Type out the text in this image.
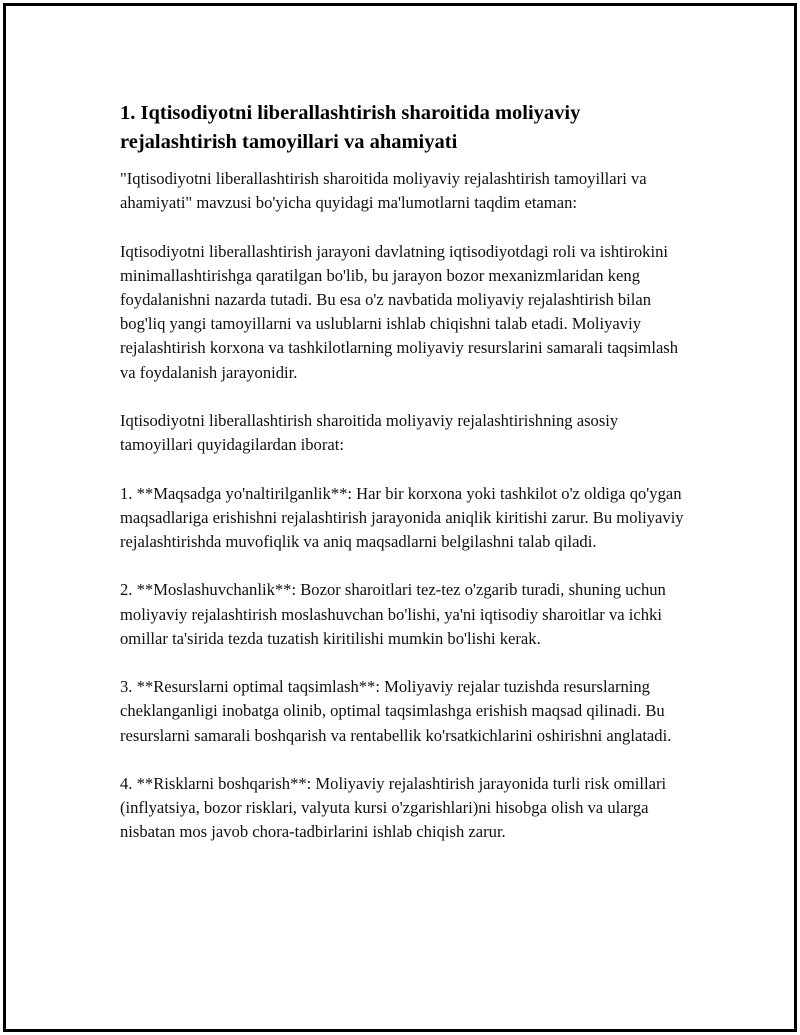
1. Iqtisodiyotni liberallashtirish sharoitida moliyaviy rejalashtirish tamoyillari va ahamiyati

"Iqtisodiyotni liberallashtirish sharoitida moliyaviy rejalashtirish tamoyillari va ahamiyati" mavzusi bo'yicha quyidagi ma'lumotlarni taqdim etaman:

Iqtisodiyotni liberallashtirish jarayoni davlatning iqtisodiyotdagi roli va ishtirokini minimallashtirishga qaratilgan bo'lib, bu jarayon bozor mexanizmlaridan keng foydalanishni nazarda tutadi. Bu esa o'z navbatida moliyaviy rejalashtirish bilan bog'liq yangi tamoyillarni va uslublarni ishlab chiqishni talab etadi. Moliyaviy rejalashtirish korxona va tashkilotlarning moliyaviy resurslarini samarali taqsimlash va foydalanish jarayonidir.

Iqtisodiyotni liberallashtirish sharoitida moliyaviy rejalashtirishning asosiy tamoyillari quyidagilardan iborat:

1. **Maqsadga yo'naltirilganlik**: Har bir korxona yoki tashkilot o'z oldiga qo'ygan maqsadlariga erishishni rejalashtirish jarayonida aniqlik kiritishi zarur. Bu moliyaviy rejalashtirishda muvofiqlik va aniq maqsadlarni belgilashni talab qiladi.

2. **Moslashuvchanlik**: Bozor sharoitlari tez-tez o'zgarib turadi, shuning uchun moliyaviy rejalashtirish moslashuvchan bo'lishi, ya'ni iqtisodiy sharoitlar va ichki omillar ta'sirida tezda tuzatish kiritilishi mumkin bo'lishi kerak.

3. **Resurslarni optimal taqsimlash**: Moliyaviy rejalar tuzishda resurslarning cheklanganligi inobatga olinib, optimal taqsimlashga erishish maqsad qilinadi. Bu resurslarni samarali boshqarish va rentabellik ko'rsatkichlarini oshirishni anglatadi.

4. **Risklarni boshqarish**: Moliyaviy rejalashtirish jarayonida turli risk omillari (inflyatsiya, bozor risklari, valyuta kursi o'zgarishlari)ni hisobga olish va ularga nisbatan mos javob chora-tadbirlarini ishlab chiqish zarur.
